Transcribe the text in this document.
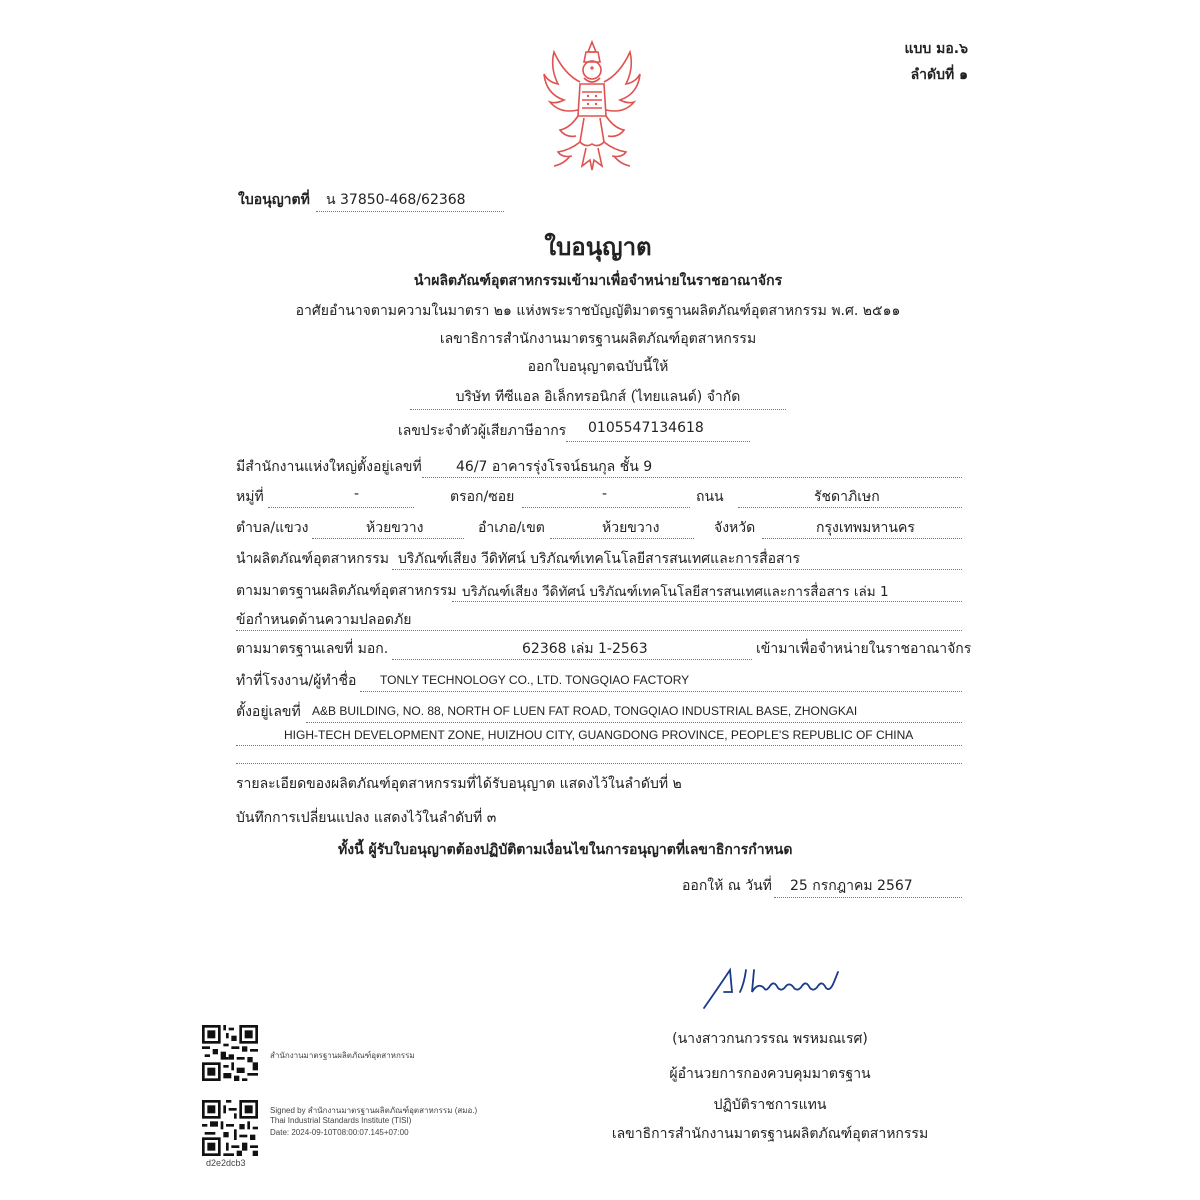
แบบ มอ.๖
ลำดับที่ ๑
ใบอนุญาตที่ น 37850-468/62368
ใบอนุญาต
นำผลิตภัณฑ์อุตสาหกรรมเข้ามาเพื่อจำหน่ายในราชอาณาจักร
อาศัยอำนาจตามความในมาตรา ๒๑ แห่งพระราชบัญญัติมาตรฐานผลิตภัณฑ์อุตสาหกรรม พ.ศ. ๒๕๑๑
เลขาธิการสำนักงานมาตรฐานผลิตภัณฑ์อุตสาหกรรม
ออกใบอนุญาตฉบับนี้ให้
บริษัท ทีซีแอล อิเล็กทรอนิกส์ (ไทยแลนด์) จำกัด
เลขประจำตัวผู้เสียภาษีอากร 0105547134618
มีสำนักงานแห่งใหญ่ตั้งอยู่เลขที่ 46/7 อาคารรุ่งโรจน์ธนกุล ชั้น 9
หมู่ที่	-	ตรอก/ซอย	-	ถนน	รัชดาภิเษก
ตำบล/แขวง	ห้วยขวาง	อำเภอ/เขต	ห้วยขวาง	จังหวัด	กรุงเทพมหานคร
นำผลิตภัณฑ์อุตสาหกรรม บริภัณฑ์เสียง วีดิทัศน์ บริภัณฑ์เทคโนโลยีสารสนเทศและการสื่อสาร
ตามมาตรฐานผลิตภัณฑ์อุตสาหกรรม บริภัณฑ์เสียง วีดิทัศน์ บริภัณฑ์เทคโนโลยีสารสนเทศและการสื่อสาร เล่ม 1
ข้อกำหนดด้านความปลอดภัย
ตามมาตรฐานเลขที่ มอก.	62368 เล่ม 1-2563	เข้ามาเพื่อจำหน่ายในราชอาณาจักร
ทำที่โรงงาน/ผู้ทำชื่อ TONLY TECHNOLOGY CO., LTD. TONGQIAO FACTORY
ตั้งอยู่เลขที่ A&B BUILDING, NO. 88, NORTH OF LUEN FAT ROAD, TONGQIAO INDUSTRIAL BASE, ZHONGKAI
HIGH-TECH DEVELOPMENT ZONE, HUIZHOU CITY, GUANGDONG PROVINCE, PEOPLE'S REPUBLIC OF CHINA
รายละเอียดของผลิตภัณฑ์อุตสาหกรรมที่ได้รับอนุญาต แสดงไว้ในลำดับที่ ๒
บันทึกการเปลี่ยนแปลง แสดงไว้ในลำดับที่ ๓
ทั้งนี้ ผู้รับใบอนุญาตต้องปฏิบัติตามเงื่อนไขในการอนุญาตที่เลขาธิการกำหนด
ออกให้ ณ วันที่ 25 กรกฎาคม 2567
(นางสาวกนกวรรณ พรหมณเรศ)
ผู้อำนวยการกองควบคุมมาตรฐาน
ปฏิบัติราชการแทน
เลขาธิการสำนักงานมาตรฐานผลิตภัณฑ์อุตสาหกรรม
สำนักงานมาตรฐานผลิตภัณฑ์อุตสาหกรรม
Signed by สำนักงานมาตรฐานผลิตภัณฑ์อุตสาหกรรม (สมอ.)
Thai Industrial Standards Institute (TISI)
Date: 2024-09-10T08:00:07.145+07:00
d2e2dcb3
